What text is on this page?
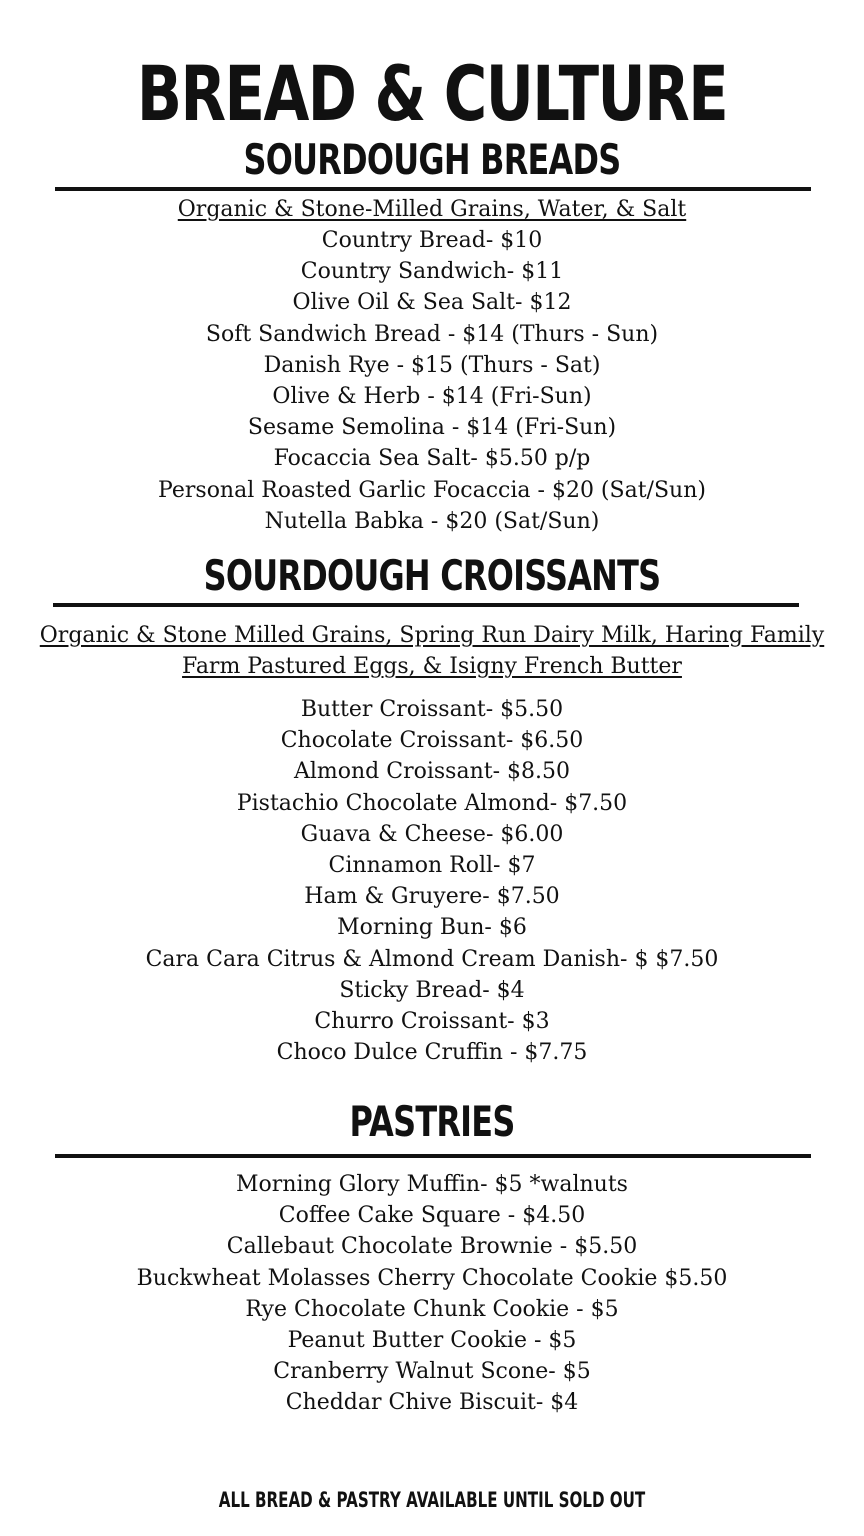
BREAD & CULTURE
SOURDOUGH BREADS
Organic & Stone-Milled Grains, Water, & Salt
Country Bread- $10
Country Sandwich- $11
Olive Oil & Sea Salt- $12
Soft Sandwich Bread - $14 (Thurs - Sun)
Danish Rye - $15 (Thurs - Sat)
Olive & Herb - $14 (Fri-Sun)
Sesame Semolina - $14 (Fri-Sun)
Focaccia Sea Salt- $5.50 p/p
Personal Roasted Garlic Focaccia - $20 (Sat/Sun)
Nutella Babka - $20 (Sat/Sun)
SOURDOUGH CROISSANTS
Organic & Stone Milled Grains, Spring Run Dairy Milk, Haring Family
Farm Pastured Eggs, & Isigny French Butter
Butter Croissant- $5.50
Chocolate Croissant- $6.50
Almond Croissant- $8.50
Pistachio Chocolate Almond- $7.50
Guava & Cheese- $6.00
Cinnamon Roll- $7
Ham & Gruyere- $7.50
Morning Bun- $6
Cara Cara Citrus & Almond Cream Danish- $ $7.50
Sticky Bread- $4
Churro Croissant- $3
Choco Dulce Cruffin - $7.75
PASTRIES
Morning Glory Muffin- $5 *walnuts
Coffee Cake Square - $4.50
Callebaut Chocolate Brownie - $5.50
Buckwheat Molasses Cherry Chocolate Cookie $5.50
Rye Chocolate Chunk Cookie - $5
Peanut Butter Cookie - $5
Cranberry Walnut Scone- $5
Cheddar Chive Biscuit- $4
ALL BREAD & PASTRY AVAILABLE UNTIL SOLD OUT
